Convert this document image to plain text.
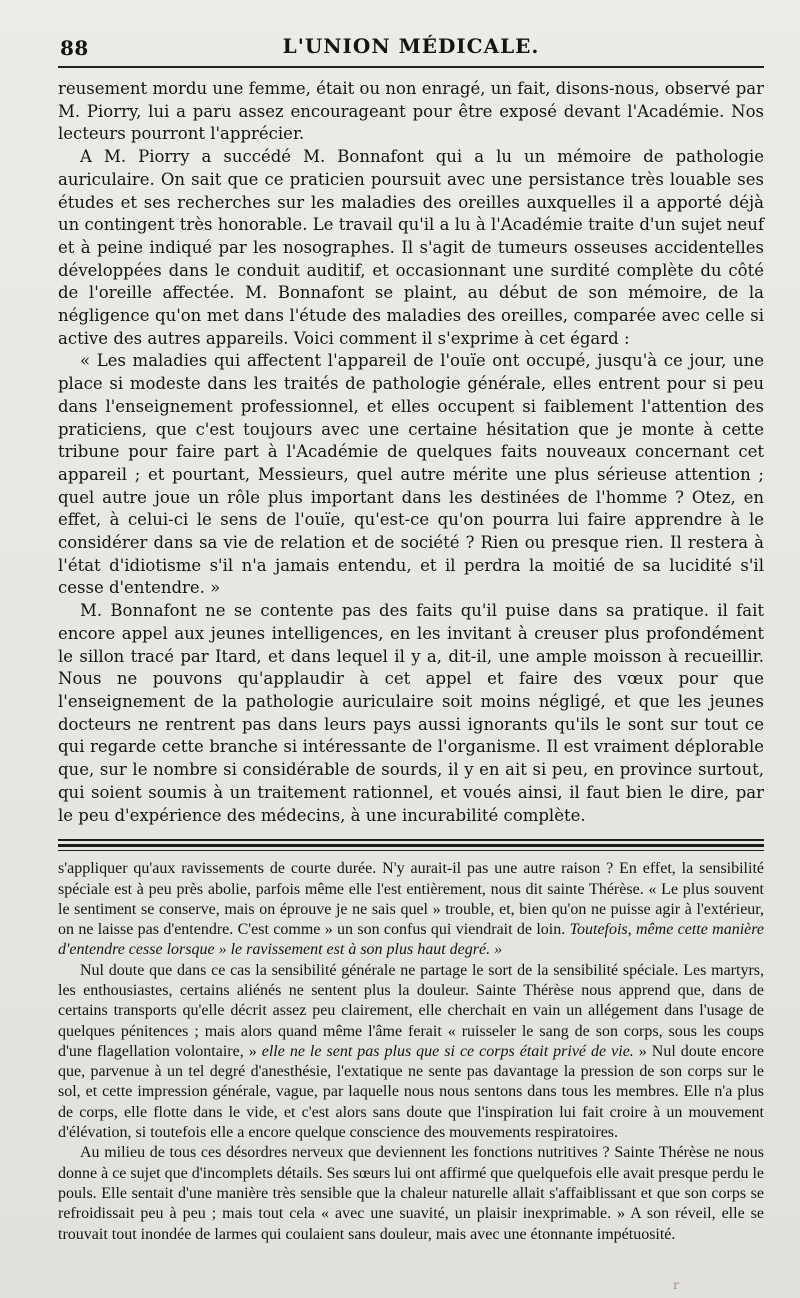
88	L'UNION MÉDICALE.

reusement mordu une femme, était ou non enragé, un fait, disons-nous, observé par M. Piorry, lui a paru assez encourageant pour être exposé devant l'Académie. Nos lecteurs pourront l'apprécier.

A M. Piorry a succédé M. Bonnafont qui a lu un mémoire de pathologie auriculaire. On sait que ce praticien poursuit avec une persistance très louable ses études et ses recherches sur les maladies des oreilles auxquelles il a apporté déjà un contingent très honorable. Le travail qu'il a lu à l'Académie traite d'un sujet neuf et à peine indiqué par les nosographes. Il s'agit de tumeurs osseuses accidentelles développées dans le conduit auditif, et occasionnant une surdité complète du côté de l'oreille affectée. M. Bonnafont se plaint, au début de son mémoire, de la négligence qu'on met dans l'étude des maladies des oreilles, comparée avec celle si active des autres appareils. Voici comment il s'exprime à cet égard :

« Les maladies qui affectent l'appareil de l'ouïe ont occupé, jusqu'à ce jour, une place si modeste dans les traités de pathologie générale, elles entrent pour si peu dans l'enseignement professionnel, et elles occupent si faiblement l'attention des praticiens, que c'est toujours avec une certaine hésitation que je monte à cette tribune pour faire part à l'Académie de quelques faits nouveaux concernant cet appareil ; et pourtant, Messieurs, quel autre mérite une plus sérieuse attention ; quel autre joue un rôle plus important dans les destinées de l'homme ? Otez, en effet, à celui-ci le sens de l'ouïe, qu'est-ce qu'on pourra lui faire apprendre à le considérer dans sa vie de relation et de société ? Rien ou presque rien. Il restera à l'état d'idiotisme s'il n'a jamais entendu, et il perdra la moitié de sa lucidité s'il cesse d'entendre. »

M. Bonnafont ne se contente pas des faits qu'il puise dans sa pratique. il fait encore appel aux jeunes intelligences, en les invitant à creuser plus profondément le sillon tracé par Itard, et dans lequel il y a, dit-il, une ample moisson à recueillir. Nous ne pouvons qu'applaudir à cet appel et faire des vœux pour que l'enseignement de la pathologie auriculaire soit moins négligé, et que les jeunes docteurs ne rentrent pas dans leurs pays aussi ignorants qu'ils le sont sur tout ce qui regarde cette branche si intéressante de l'organisme. Il est vraiment déplorable que, sur le nombre si considérable de sourds, il y en ait si peu, en province surtout, qui soient soumis à un traitement rationnel, et voués ainsi, il faut bien le dire, par le peu d'expérience des médecins, à une incurabilité complète.

s'appliquer qu'aux ravissements de courte durée. N'y aurait-il pas une autre raison ? En effet, la sensibilité spéciale est à peu près abolie, parfois même elle l'est entièrement, nous dit sainte Thérèse. « Le plus souvent le sentiment se conserve, mais on éprouve je ne sais quel » trouble, et, bien qu'on ne puisse agir à l'extérieur, on ne laisse pas d'entendre. C'est comme » un son confus qui viendrait de loin. Toutefois, même cette manière d'entendre cesse lorsque » le ravissement est à son plus haut degré. »

Nul doute que dans ce cas la sensibilité générale ne partage le sort de la sensibilité spéciale. Les martyrs, les enthousiastes, certains aliénés ne sentent plus la douleur. Sainte Thérèse nous apprend que, dans de certains transports qu'elle décrit assez peu clairement, elle cherchait en vain un allégement dans l'usage de quelques pénitences ; mais alors quand même l'âme ferait « ruisseler le sang de son corps, sous les coups d'une flagellation volontaire, » elle ne le sent pas plus que si ce corps était privé de vie. » Nul doute encore que, parvenue à un tel degré d'anesthésie, l'extatique ne sente pas davantage la pression de son corps sur le sol, et cette impression générale, vague, par laquelle nous nous sentons dans tous les membres. Elle n'a plus de corps, elle flotte dans le vide, et c'est alors sans doute que l'inspiration lui fait croire à un mouvement d'élévation, si toutefois elle a encore quelque conscience des mouvements respiratoires.

Au milieu de tous ces désordres nerveux que deviennent les fonctions nutritives ? Sainte Thérèse ne nous donne à ce sujet que d'incomplets détails. Ses sœurs lui ont affirmé que quelquefois elle avait presque perdu le pouls. Elle sentait d'une manière très sensible que la chaleur naturelle allait s'affaiblissant et que son corps se refroidissait peu à peu ; mais tout cela « avec une suavité, un plaisir inexprimable. » A son réveil, elle se trouvait tout inondée de larmes qui coulaient sans douleur, mais avec une étonnante impétuosité.

r
